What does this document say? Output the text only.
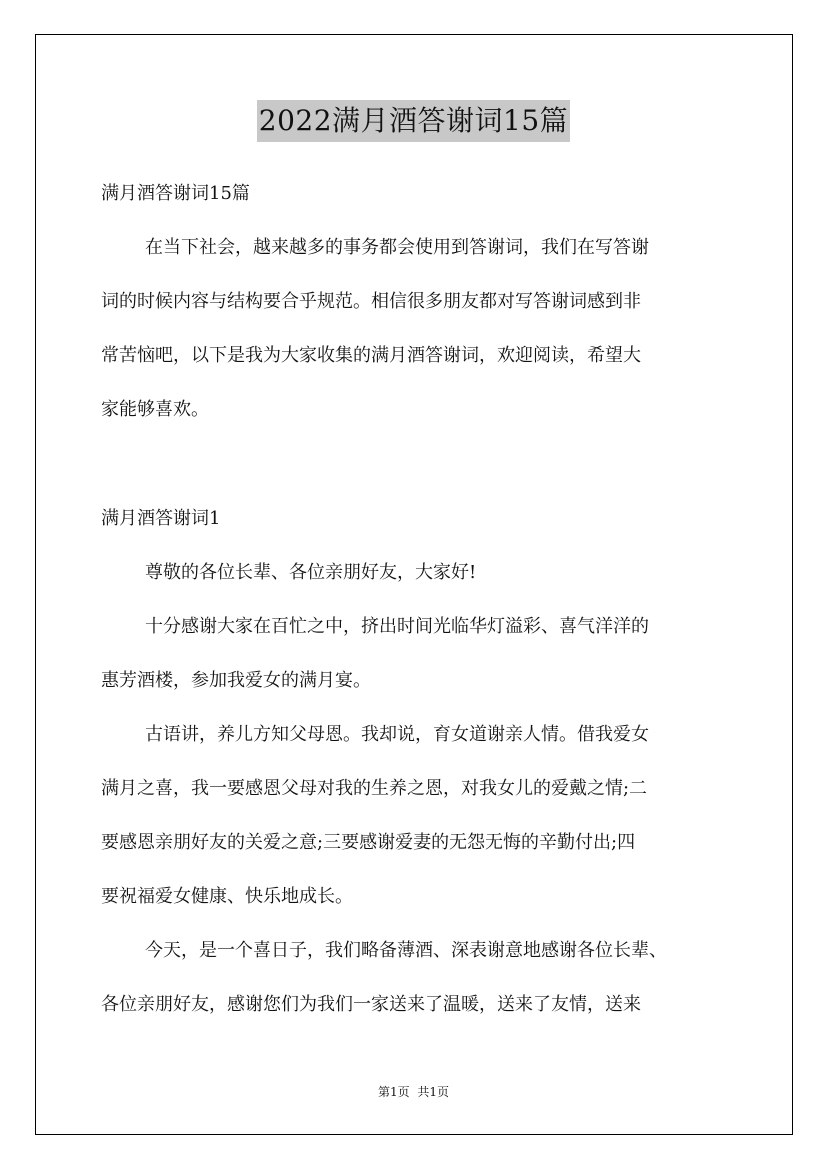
2022满月酒答谢词15篇
满月酒答谢词15篇
在当下社会，越来越多的事务都会使用到答谢词，我们在写答谢
词的时候内容与结构要合乎规范。相信很多朋友都对写答谢词感到非
常苦恼吧，以下是我为大家收集的满月酒答谢词，欢迎阅读，希望大
家能够喜欢。
满月酒答谢词1
尊敬的各位长辈、各位亲朋好友，大家好!
十分感谢大家在百忙之中，挤出时间光临华灯溢彩、喜气洋洋的
惠芳酒楼，参加我爱女的满月宴。
古语讲，养儿方知父母恩。我却说，育女道谢亲人情。借我爱女
满月之喜，我一要感恩父母对我的生养之恩，对我女儿的爱戴之情;二
要感恩亲朋好友的关爱之意;三要感谢爱妻的无怨无悔的辛勤付出;四
要祝福爱女健康、快乐地成长。
今天，是一个喜日子，我们略备薄酒、深表谢意地感谢各位长辈、
各位亲朋好友，感谢您们为我们一家送来了温暖，送来了友情，送来
第1页 共1页
